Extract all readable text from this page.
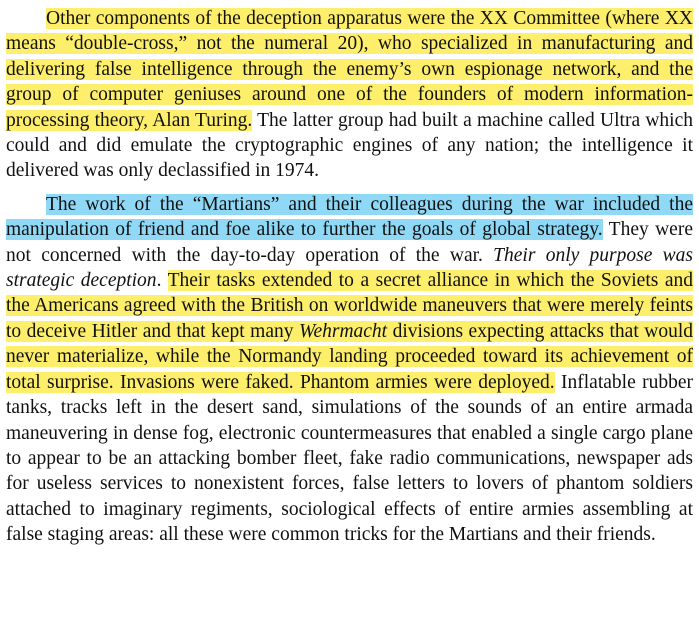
Other components of the deception apparatus were the XX Committee (where XX means “double-cross,” not the numeral 20), who specialized in manufacturing and delivering false intelligence through the enemy’s own espionage network, and the group of computer geniuses around one of the founders of modern information-processing theory, Alan Turing. The latter group had built a machine called Ultra which could and did emulate the cryptographic engines of any nation; the intelligence it delivered was only declassified in 1974.

The work of the “Martians” and their colleagues during the war included the manipulation of friend and foe alike to further the goals of global strategy. They were not concerned with the day-to-day operation of the war. Their only purpose was strategic deception. Their tasks extended to a secret alliance in which the Soviets and the Americans agreed with the British on worldwide maneuvers that were merely feints to deceive Hitler and that kept many Wehrmacht divisions expecting attacks that would never materialize, while the Normandy landing proceeded toward its achievement of total surprise. Invasions were faked. Phantom armies were deployed. Inflatable rubber tanks, tracks left in the desert sand, simulations of the sounds of an entire armada maneuvering in dense fog, electronic countermeasures that enabled a single cargo plane to appear to be an attacking bomber fleet, fake radio communications, newspaper ads for useless services to nonexistent forces, false letters to lovers of phantom soldiers attached to imaginary regiments, sociological effects of entire armies assembling at false staging areas: all these were common tricks for the Martians and their friends.
